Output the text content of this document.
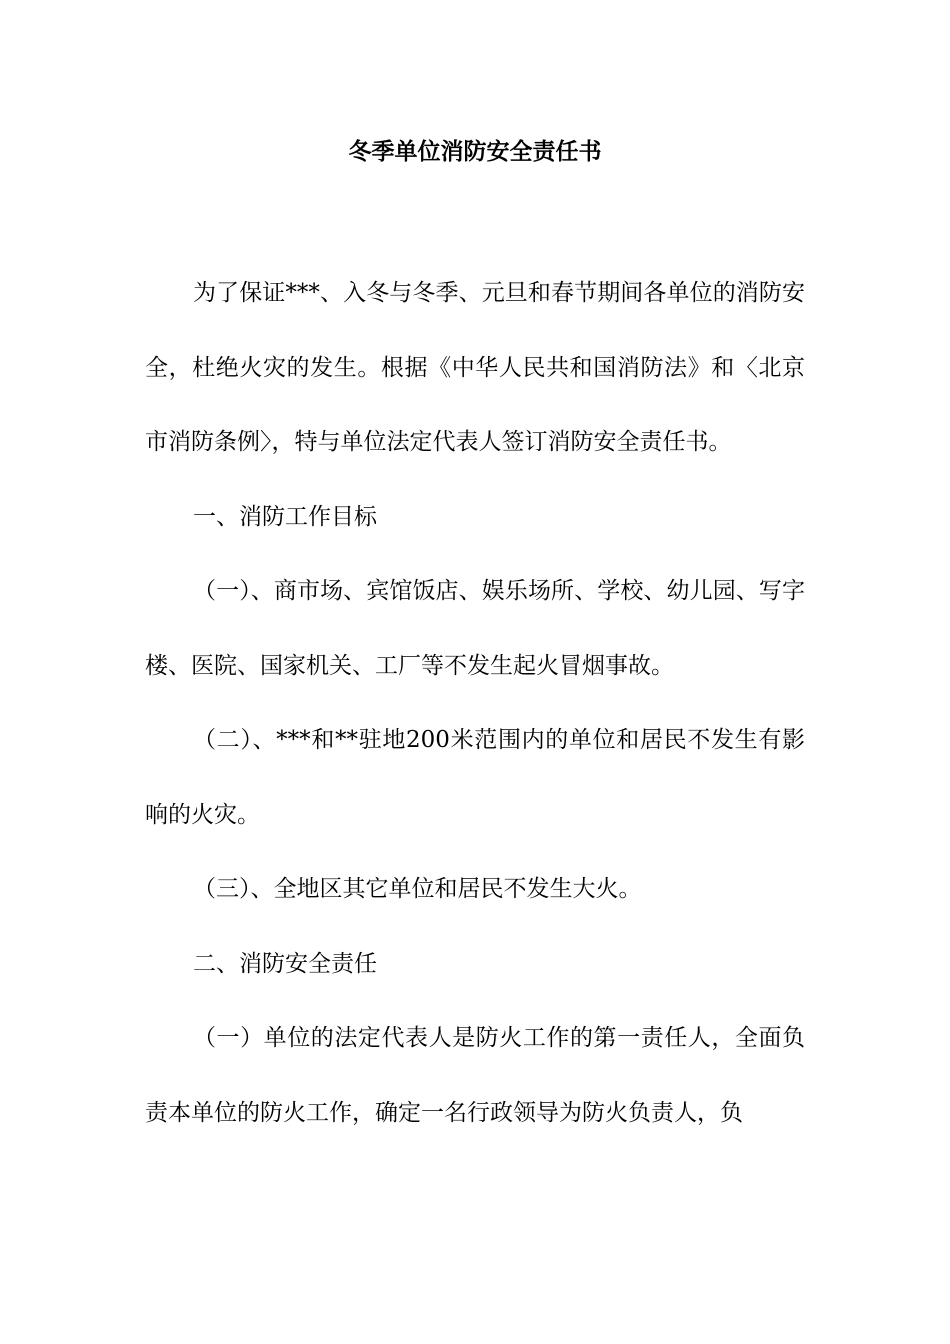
冬季单位消防安全责任书

为了保证***、入冬与冬季、元旦和春节期间各单位的消防安全，杜绝火灾的发生。根据《中华人民共和国消防法》和〈北京市消防条例〉，特与单位法定代表人签订消防安全责任书。

一、消防工作目标

（一）、商市场、宾馆饭店、娱乐场所、学校、幼儿园、写字楼、医院、国家机关、工厂等不发生起火冒烟事故。

（二）、***和**驻地200米范围内的单位和居民不发生有影响的火灾。

（三）、全地区其它单位和居民不发生大火。

二、消防安全责任

（一）单位的法定代表人是防火工作的第一责任人，全面负责本单位的防火工作，确定一名行政领导为防火负责人，负
